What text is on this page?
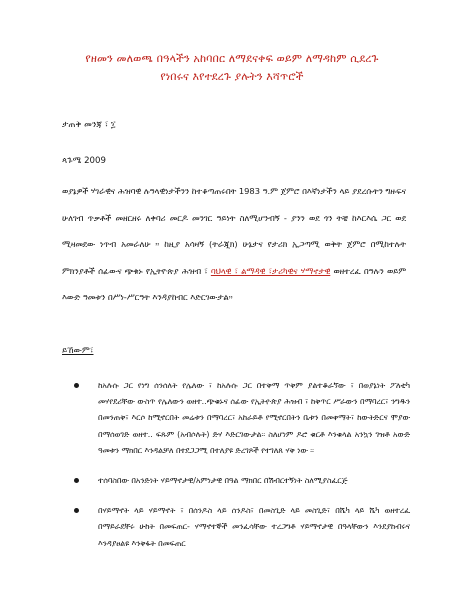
የዘመን መለወጫ በዓላችን አከባበር ለማደናቀፍ ወይም ለማዳከም ሲደረጉ
የነበሩና እየተደረጉ ያሉትን እሻጥሮች
ታጠቅ መንጃ ፣ ፲
ጳጉሜ 2009
ወያኔዎች ሃገራዊና ሕዝባዊ ሉዓላዊነታችንን ከተቆጣጠሩበት 1983 ዓ.ም ጀምሮ በእኛነታችን ላይ ያደረሱትን ግዙፍና ሁለገብ ጥቃቶች መዘርዘሩ ለቀባሪ መርዶ መንገር ዓይነት ስለሚሆንብኝ - ያንን ወደ ጎን ትቼ ከእርእሴ ጋር ወደ ሚዛመደው ነጥብ አመራለሁ ። ከዚያ አሳዛኝ (ትራጂክ) ሁኔታና የታሪክ ኢጋጣሚ ወቅት ጀምሮ በሚከተሉት ምክንያቶች ሰፊውና ጭቁኑ የኢትዮጵያ ሕዝብ ፣ ባህላዊ ፣ ልማዳዊ ፣ታሪካዊና ሃማኖታዊ ወዘተረፈ በዓሉን ወይም እውድ ዓመቱን በሥነ-ሥርዓት እንዳያከብር እድርገውታል።
ይኸውም፣
ከአሉሱ ጋር የነግ ሰንሰለት የሌለው ፣ ከአሉሱ ጋር በተቅማ ጥቅም ያልተቆራኘው ፣ በወያኔነት ፖለቲካ መሃየደሪቸው ውስጥ የሌለውን ወዘተ..ጭቁኑና ሰፊው የኢትዮጵያ ሕዝብ ፣ ከቅጥር ሥራውን በማባረር፣ ንግዱን በመንጠቅ፣ እርሶ ከሚኖርበት መሬቱን በማባረር፣ አከራይቶ የሚኖርበትን ቤቱን በመቀማት፣ ከውትድርና ሞያው በማሰወገድ ወዘተ.. ፍጹም (አብሶሉት) ድሃ እድርገውታል። ስለሆነም ዶሮ ቁርቶ እንቁላል አንኳን ገዝቶ አውድ ዓመቱን ማክበር እንዳልቻለ በተደጋጋሚ በተለያዩ ድረገጾች የተገለጸ ሃቅ ነው ።
ተሰባስበው በአንድነት ሃይማኖታዊ/አምነታዊ በዓል ማክበር በሽብርተኝነት ስለሚያስፈርጅ
በሃይማኖት ላይ ሃይማኖት ፣ በሰንዶስ ላይ ሰንዶስ፣ በመስጊድ ላይ መስጊድ፣ በሼካ ላይ ሼካ ወዘተረፈ በማይራደቸሩ ሁከት በመፍጠር- ሃማኖተኞች መንፈሳቸው ተረጋግቶ ሃይማኖታዊ በዓላቸውን እንደያከብሩና እንዳያፀልዩ እንቅፋት በመፍጠር
